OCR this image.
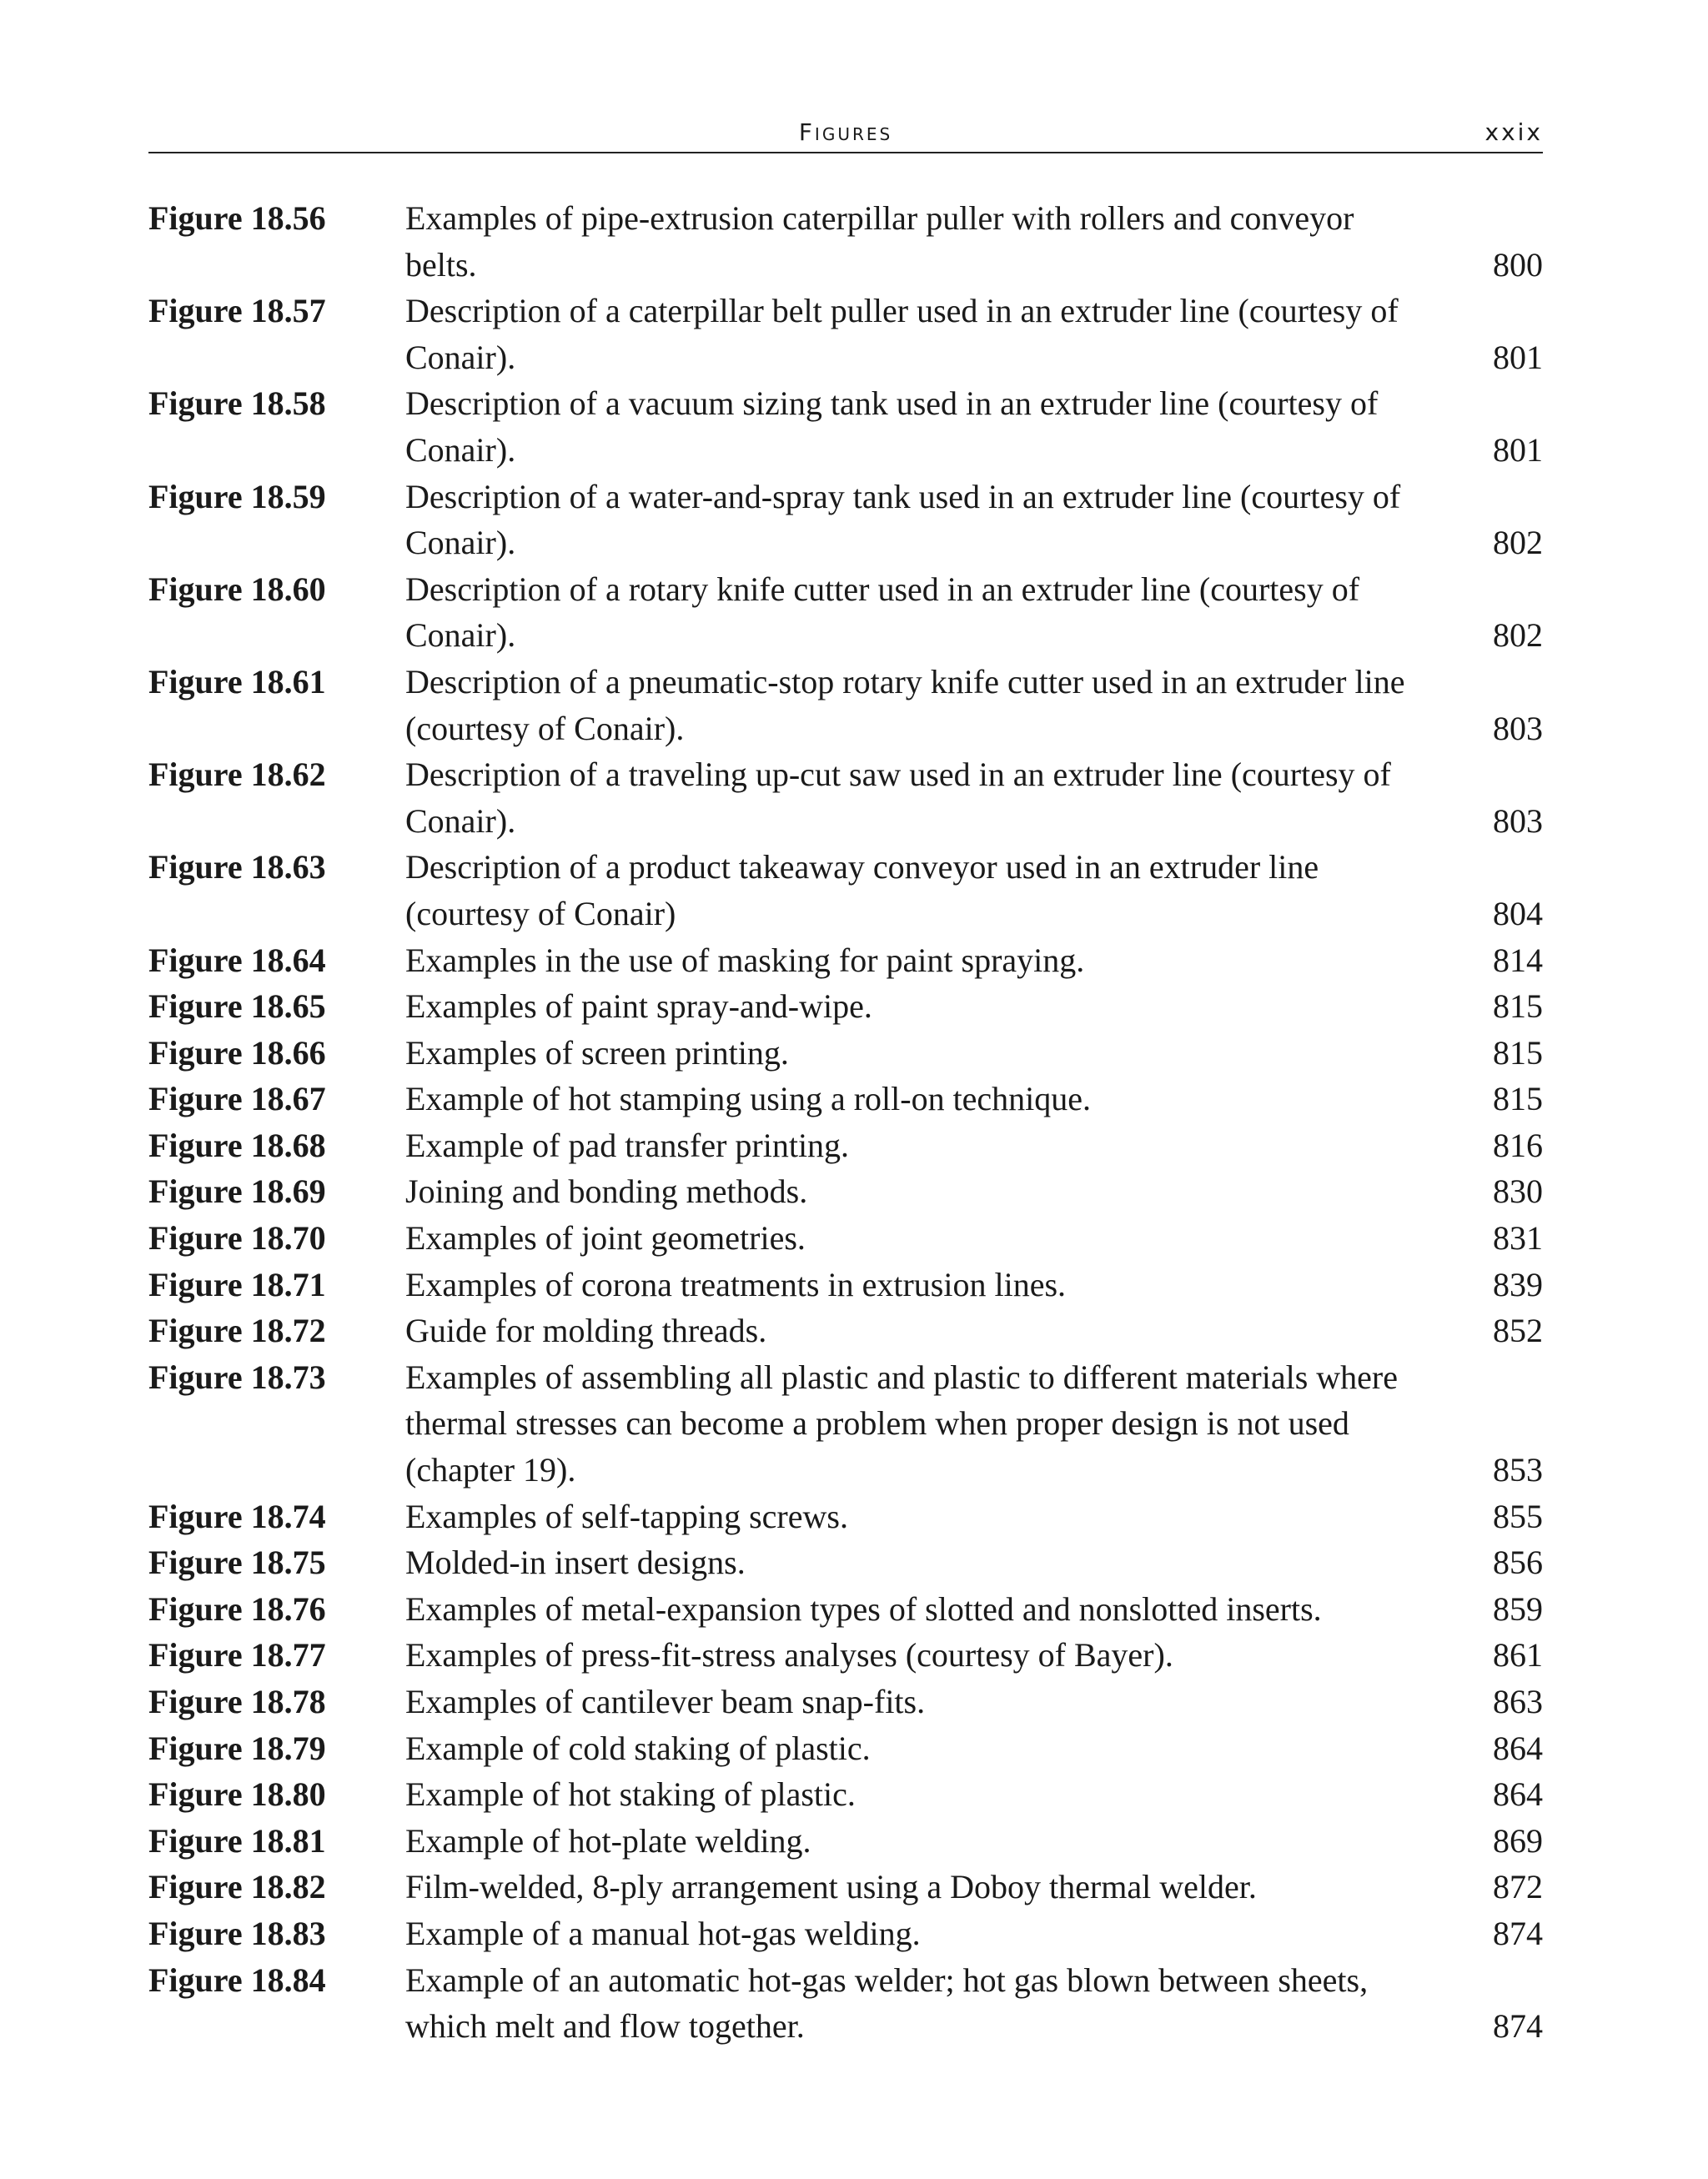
Figures	xxix
Figure 18.56	Examples of pipe-extrusion caterpillar puller with rollers and conveyor belts.	800
Figure 18.57	Description of a caterpillar belt puller used in an extruder line (courtesy of Conair).	801
Figure 18.58	Description of a vacuum sizing tank used in an extruder line (courtesy of Conair).	801
Figure 18.59	Description of a water-and-spray tank used in an extruder line (courtesy of Conair).	802
Figure 18.60	Description of a rotary knife cutter used in an extruder line (courtesy of Conair).	802
Figure 18.61	Description of a pneumatic-stop rotary knife cutter used in an extruder line (courtesy of Conair).	803
Figure 18.62	Description of a traveling up-cut saw used in an extruder line (courtesy of Conair).	803
Figure 18.63	Description of a product takeaway conveyor used in an extruder line (courtesy of Conair)	804
Figure 18.64	Examples in the use of masking for paint spraying.	814
Figure 18.65	Examples of paint spray-and-wipe.	815
Figure 18.66	Examples of screen printing.	815
Figure 18.67	Example of hot stamping using a roll-on technique.	815
Figure 18.68	Example of pad transfer printing.	816
Figure 18.69	Joining and bonding methods.	830
Figure 18.70	Examples of joint geometries.	831
Figure 18.71	Examples of corona treatments in extrusion lines.	839
Figure 18.72	Guide for molding threads.	852
Figure 18.73	Examples of assembling all plastic and plastic to different materials where thermal stresses can become a problem when proper design is not used (chapter 19).	853
Figure 18.74	Examples of self-tapping screws.	855
Figure 18.75	Molded-in insert designs.	856
Figure 18.76	Examples of metal-expansion types of slotted and nonslotted inserts.	859
Figure 18.77	Examples of press-fit-stress analyses (courtesy of Bayer).	861
Figure 18.78	Examples of cantilever beam snap-fits.	863
Figure 18.79	Example of cold staking of plastic.	864
Figure 18.80	Example of hot staking of plastic.	864
Figure 18.81	Example of hot-plate welding.	869
Figure 18.82	Film-welded, 8-ply arrangement using a Doboy thermal welder.	872
Figure 18.83	Example of a manual hot-gas welding.	874
Figure 18.84	Example of an automatic hot-gas welder; hot gas blown between sheets, which melt and flow together.	874
